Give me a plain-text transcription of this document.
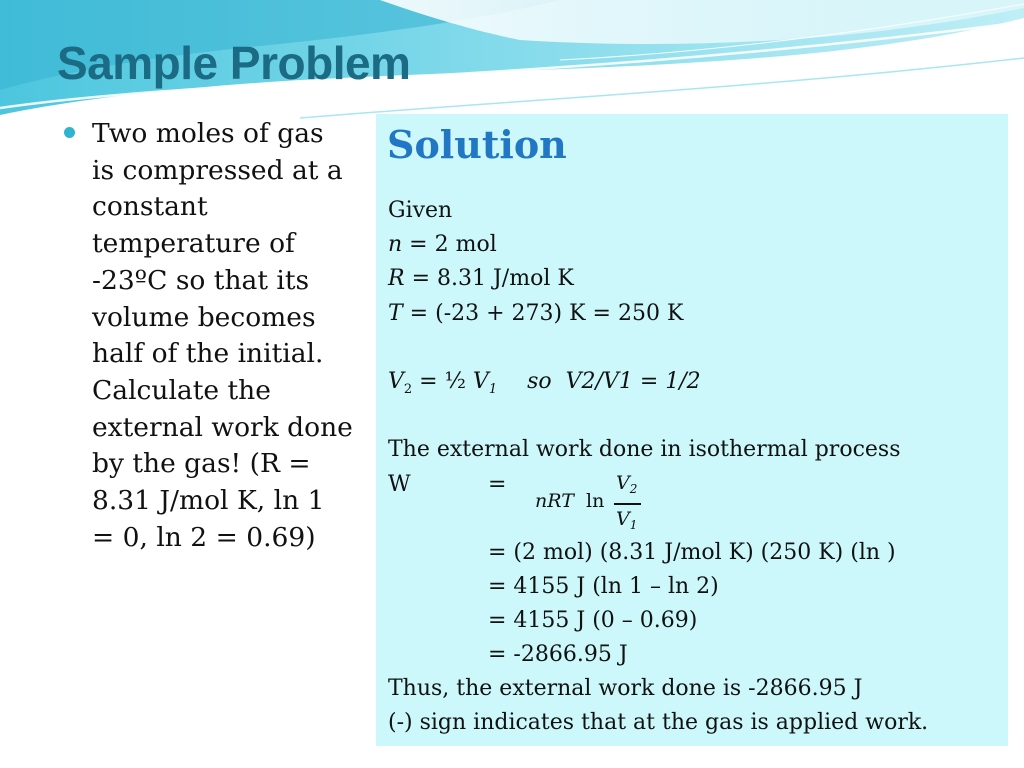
Sample Problem
Two moles of gas is compressed at a constant temperature of -23ºC so that its volume becomes half of the initial. Calculate the external work done by the gas! (R = 8.31 J/mol K, ln 1 = 0, ln 2 = 0.69)
Solution
Given
n = 2 mol
R = 8.31 J/mol K
T = (-23 + 273) K = 250 K
$V_2$ = ½ $V_1$ so V2/V1 = 1/2
The external work done in isothermal process
W	=
nRT ln
$V_2$
$V_1$
= (2 mol) (8.31 J/mol K) (250 K) (ln )
= 4155 J (ln 1 – ln 2)
= 4155 J (0 – 0.69)
= -2866.95 J
Thus, the external work done is -2866.95 J
(-) sign indicates that at the gas is applied work.
